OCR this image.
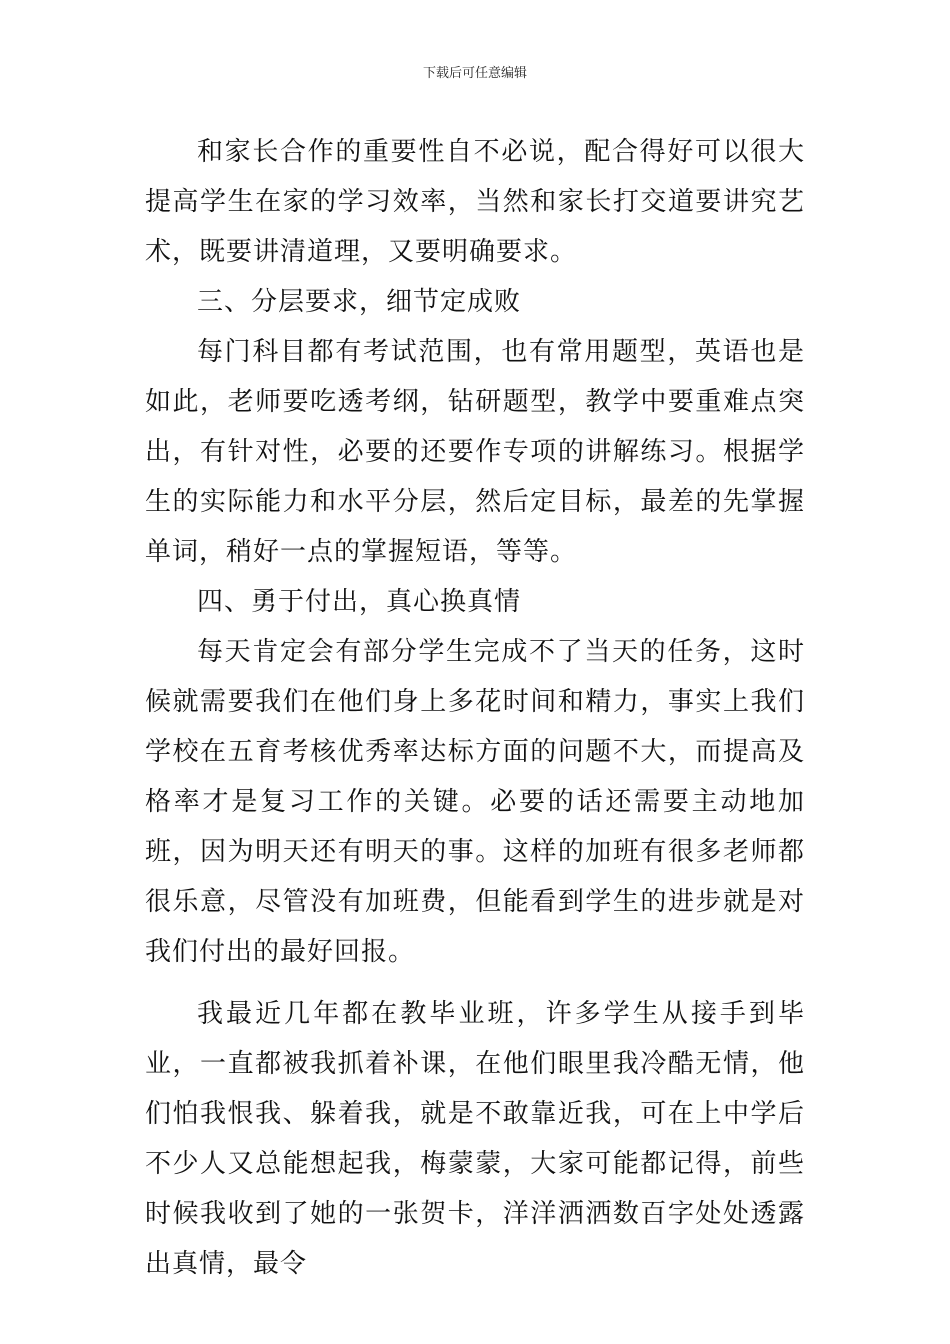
下载后可任意编辑

和家长合作的重要性自不必说，配合得好可以很大提高学生在家的学习效率，当然和家长打交道要讲究艺术，既要讲清道理，又要明确要求。

三、分层要求，细节定成败

每门科目都有考试范围，也有常用题型，英语也是如此，老师要吃透考纲，钻研题型，教学中要重难点突出，有针对性，必要的还要作专项的讲解练习。根据学生的实际能力和水平分层，然后定目标，最差的先掌握单词，稍好一点的掌握短语，等等。

四、勇于付出，真心换真情

每天肯定会有部分学生完成不了当天的任务，这时候就需要我们在他们身上多花时间和精力，事实上我们学校在五育考核优秀率达标方面的问题不大，而提高及格率才是复习工作的关键。必要的话还需要主动地加班，因为明天还有明天的事。这样的加班有很多老师都很乐意，尽管没有加班费，但能看到学生的进步就是对我们付出的最好回报。

我最近几年都在教毕业班，许多学生从接手到毕业，一直都被我抓着补课，在他们眼里我冷酷无情，他们怕我恨我、躲着我，就是不敢靠近我，可在上中学后不少人又总能想起我，梅蒙蒙，大家可能都记得，前些时候我收到了她的一张贺卡，洋洋洒洒数百字处处透露出真情，最令
